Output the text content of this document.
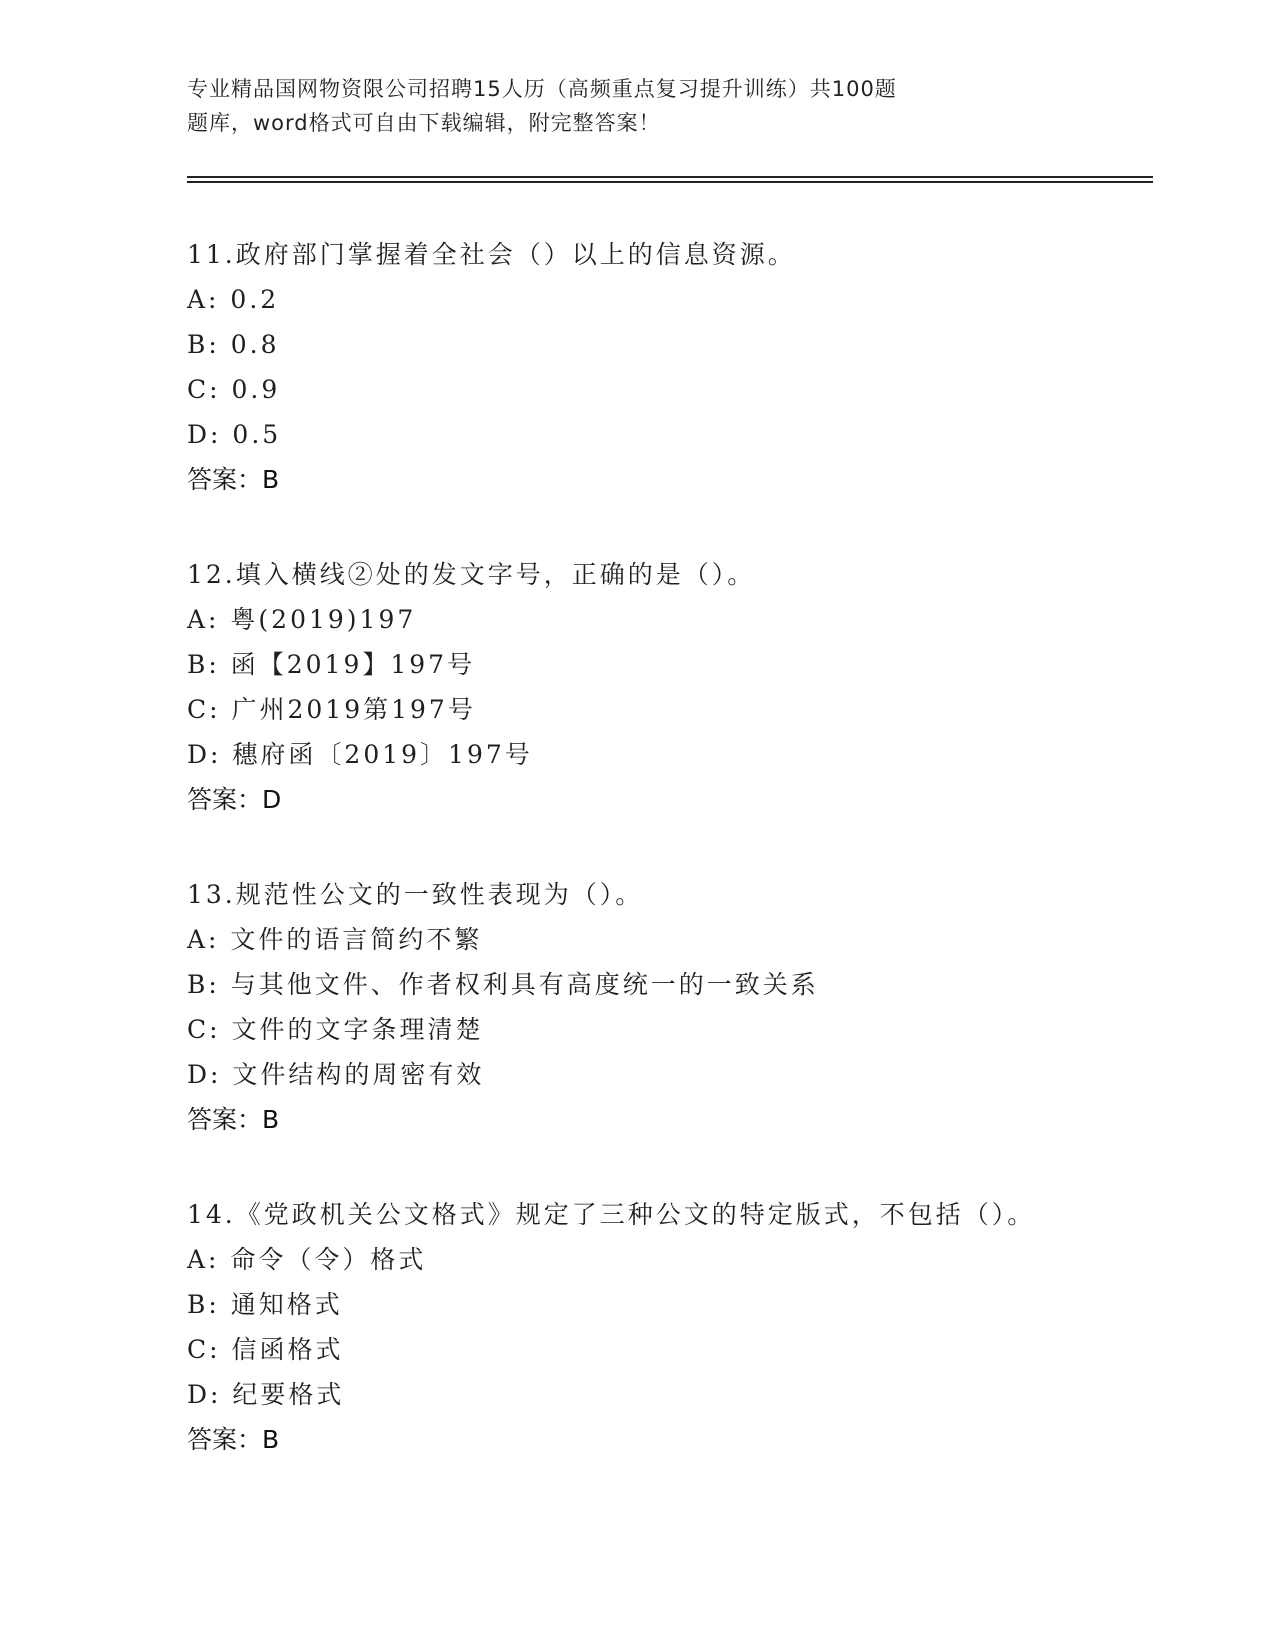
专业精品国网物资限公司招聘15人历（高频重点复习提升训练）共100题
题库，word格式可自由下载编辑，附完整答案！
11.政府部门掌握着全社会（）以上的信息资源。
A: 0.2
B: 0.8
C: 0.9
D: 0.5
答案：B
12.填入横线②处的发文字号，正确的是（）。
A: 粤(2019)197
B: 函【2019】197号
C: 广州2019第197号
D: 穗府函〔2019〕197号
答案：D
13.规范性公文的一致性表现为（）。
A: 文件的语言简约不繁
B: 与其他文件、作者权利具有高度统一的一致关系
C: 文件的文字条理清楚
D: 文件结构的周密有效
答案：B
14.《党政机关公文格式》规定了三种公文的特定版式，不包括（）。
A: 命令（令）格式
B: 通知格式
C: 信函格式
D: 纪要格式
答案：B
